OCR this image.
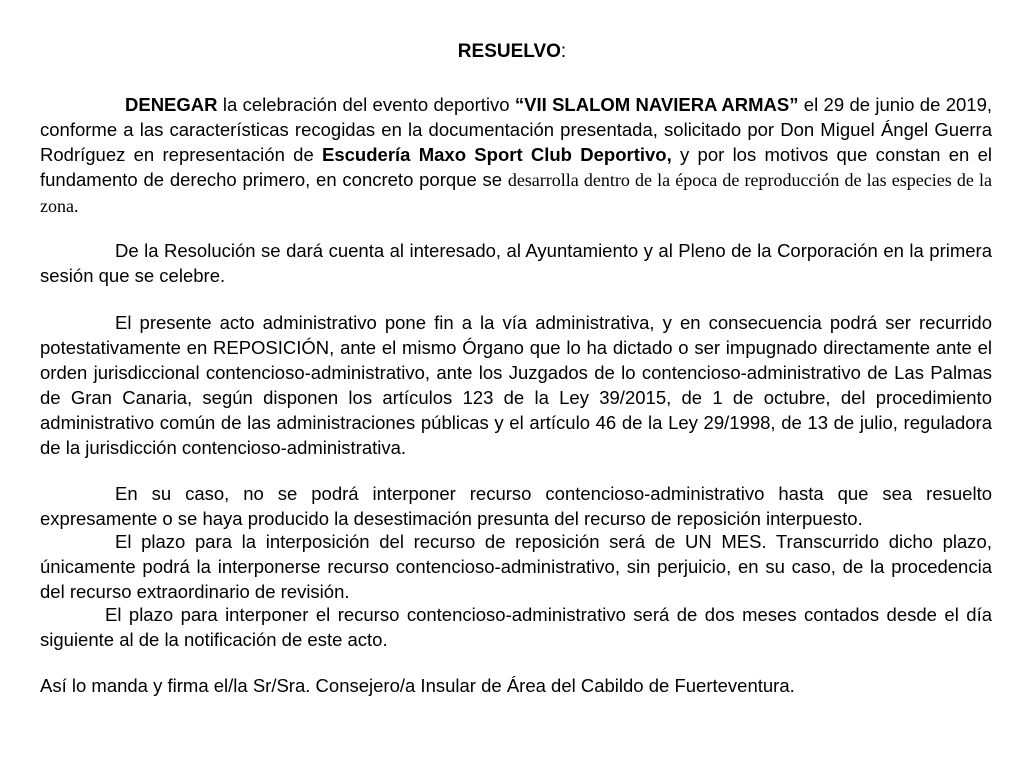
RESUELVO:

DENEGAR la celebración del evento deportivo “VII SLALOM NAVIERA ARMAS” el 29 de junio de 2019, conforme a las características recogidas en la documentación presentada, solicitado por Don Miguel Ángel Guerra Rodríguez en representación de Escudería Maxo Sport Club Deportivo, y por los motivos que constan en el fundamento de derecho primero, en concreto porque se desarrolla dentro de la época de reproducción de las especies de la zona.

De la Resolución se dará cuenta al interesado, al Ayuntamiento y al Pleno de la Corporación en la primera sesión que se celebre.

El presente acto administrativo pone fin a la vía administrativa, y en consecuencia podrá ser recurrido potestativamente en REPOSICIÓN, ante el mismo Órgano que lo ha dictado o ser impugnado directamente ante el orden jurisdiccional contencioso-administrativo, ante los Juzgados de lo contencioso-administrativo de Las Palmas de Gran Canaria, según disponen los artículos 123 de la Ley 39/2015, de 1 de octubre, del procedimiento administrativo común de las administraciones públicas y el artículo 46 de la Ley 29/1998, de 13 de julio, reguladora de la jurisdicción contencioso-administrativa.

En su caso, no se podrá interponer recurso contencioso-administrativo hasta que sea resuelto expresamente o se haya producido la desestimación presunta del recurso de reposición interpuesto.

El plazo para la interposición del recurso de reposición será de UN MES. Transcurrido dicho plazo, únicamente podrá la interponerse recurso contencioso-administrativo, sin perjuicio, en su caso, de la procedencia del recurso extraordinario de revisión.

El plazo para interponer el recurso contencioso-administrativo será de dos meses contados desde el día siguiente al de la notificación de este acto.

Así lo manda y firma el/la Sr/Sra. Consejero/a Insular de Área del Cabildo de Fuerteventura.
